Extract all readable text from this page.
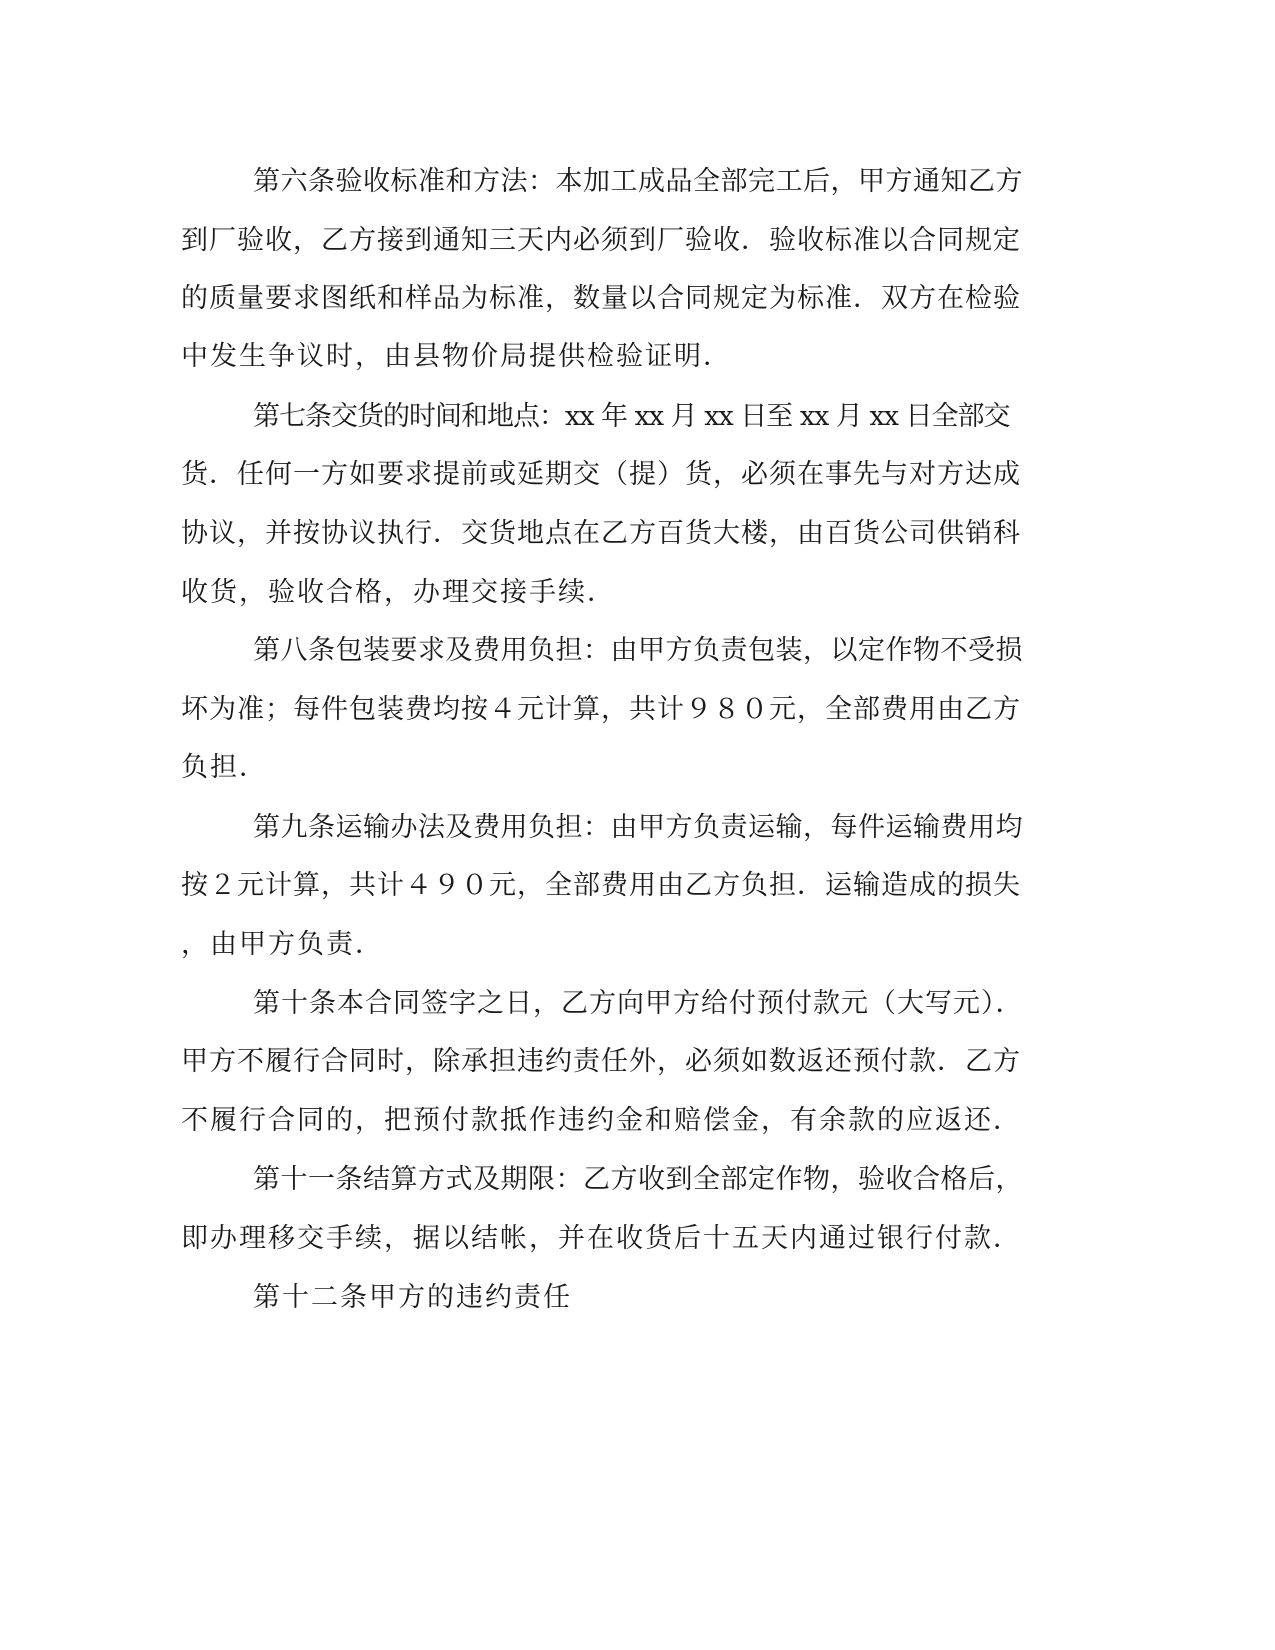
第六条验收标准和方法：本加工成品全部完工后，甲方通知乙方
到厂验收，乙方接到通知三天内必须到厂验收．验收标准以合同规定
的质量要求图纸和样品为标准，数量以合同规定为标准．双方在检验
中发生争议时，由县物价局提供检验证明．
第七条交货的时间和地点：xx 年 xx 月 xx 日至 xx 月 xx 日全部交
货．任何一方如要求提前或延期交（提）货，必须在事先与对方达成
协议，并按协议执行．交货地点在乙方百货大楼，由百货公司供销科
收货，验收合格，办理交接手续．
第八条包装要求及费用负担：由甲方负责包装，以定作物不受损
坏为准；每件包装费均按４元计算，共计９８０元，全部费用由乙方
负担．
第九条运输办法及费用负担：由甲方负责运输，每件运输费用均
按２元计算，共计４９０元，全部费用由乙方负担．运输造成的损失
，由甲方负责．
第十条本合同签字之日，乙方向甲方给付预付款元（大写元）．
甲方不履行合同时，除承担违约责任外，必须如数返还预付款．乙方
不履行合同的，把预付款抵作违约金和赔偿金，有余款的应返还．
第十一条结算方式及期限：乙方收到全部定作物，验收合格后，
即办理移交手续，据以结帐，并在收货后十五天内通过银行付款．
第十二条甲方的违约责任
